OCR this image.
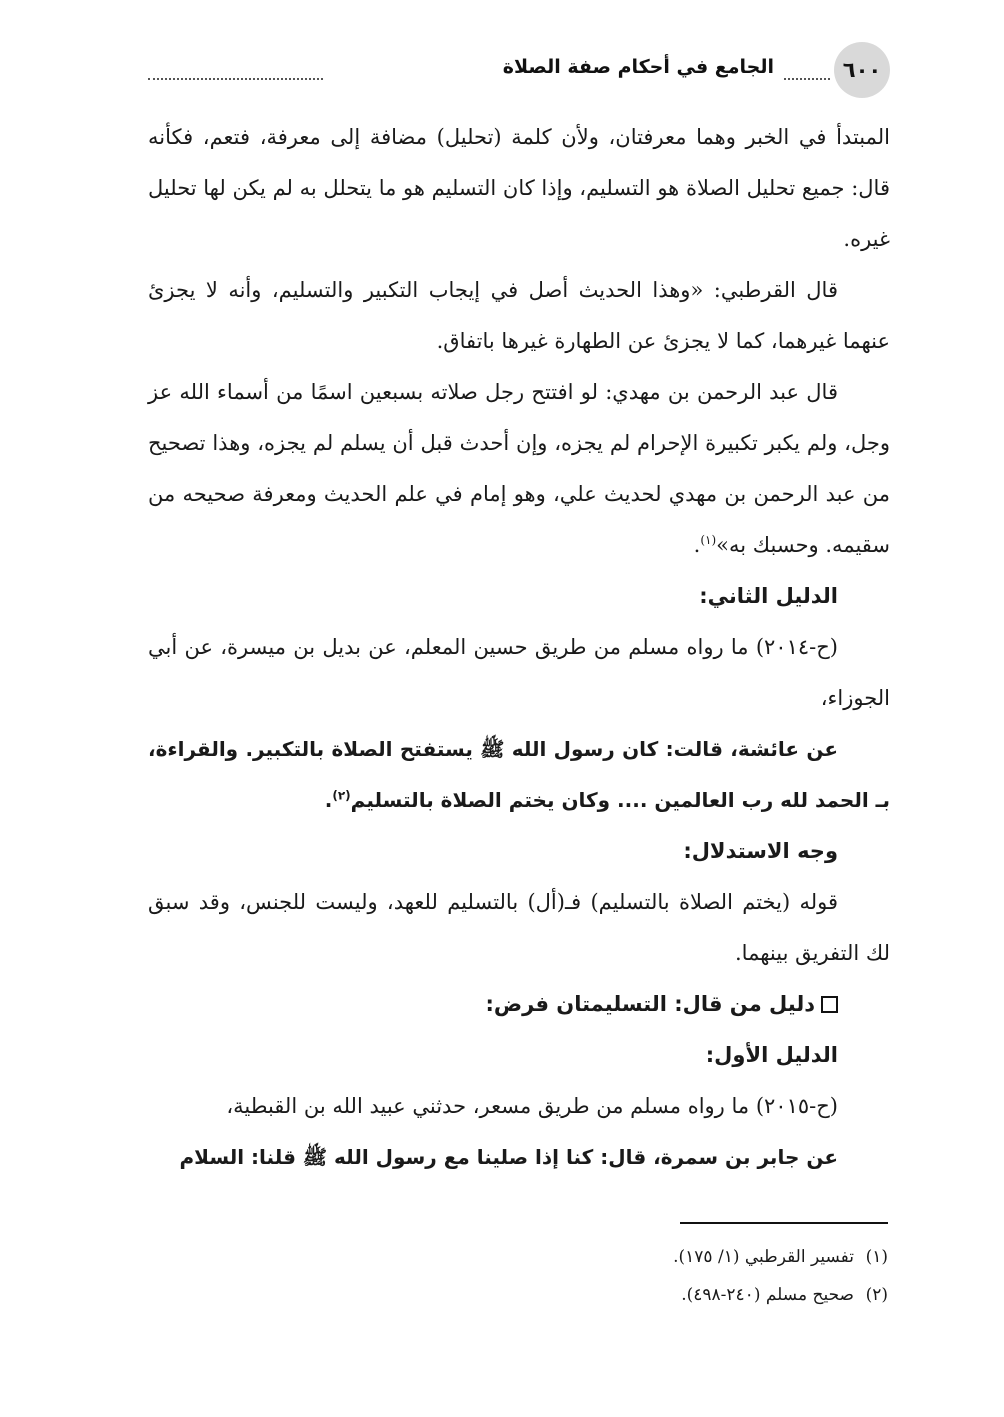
٦٠٠
الجامع في أحكام صفة الصلاة

المبتدأ في الخبر وهما معرفتان، ولأن كلمة (تحليل) مضافة إلى معرفة، فتعم، فكأنه قال: جميع تحليل الصلاة هو التسليم، وإذا كان التسليم هو ما يتحلل به لم يكن لها تحليل غيره.

قال القرطبي: «وهذا الحديث أصل في إيجاب التكبير والتسليم، وأنه لا يجزئ عنهما غيرهما، كما لا يجزئ عن الطهارة غيرها باتفاق.

قال عبد الرحمن بن مهدي: لو افتتح رجل صلاته بسبعين اسمًا من أسماء الله عز وجل، ولم يكبر تكبيرة الإحرام لم يجزه، وإن أحدث قبل أن يسلم لم يجزه، وهذا تصحيح من عبد الرحمن بن مهدي لحديث علي، وهو إمام في علم الحديث ومعرفة صحيحه من سقيمه. وحسبك به»$^{(١)}$.

الدليل الثاني:

(ح-٢٠١٤) ما رواه مسلم من طريق حسين المعلم، عن بديل بن ميسرة، عن أبي الجوزاء،

عن عائشة، قالت: كان رسول الله ﷺ يستفتح الصلاة بالتكبير. والقراءة، بـ الحمد لله رب العالمين .... وكان يختم الصلاة بالتسليم$^{(٢)}$.

وجه الاستدلال:

قوله (يختم الصلاة بالتسليم) فـ(أل) بالتسليم للعهد، وليست للجنس، وقد سبق لك التفريق بينهما.

دليل من قال: التسليمتان فرض:

الدليل الأول:

(ح-٢٠١٥) ما رواه مسلم من طريق مسعر، حدثني عبيد الله بن القبطية،

عن جابر بن سمرة، قال: كنا إذا صلينا مع رسول الله ﷺ قلنا: السلام

(١)تفسير القرطبي (١/ ١٧٥).
(٢)صحيح مسلم (٢٤٠-٤٩٨).
